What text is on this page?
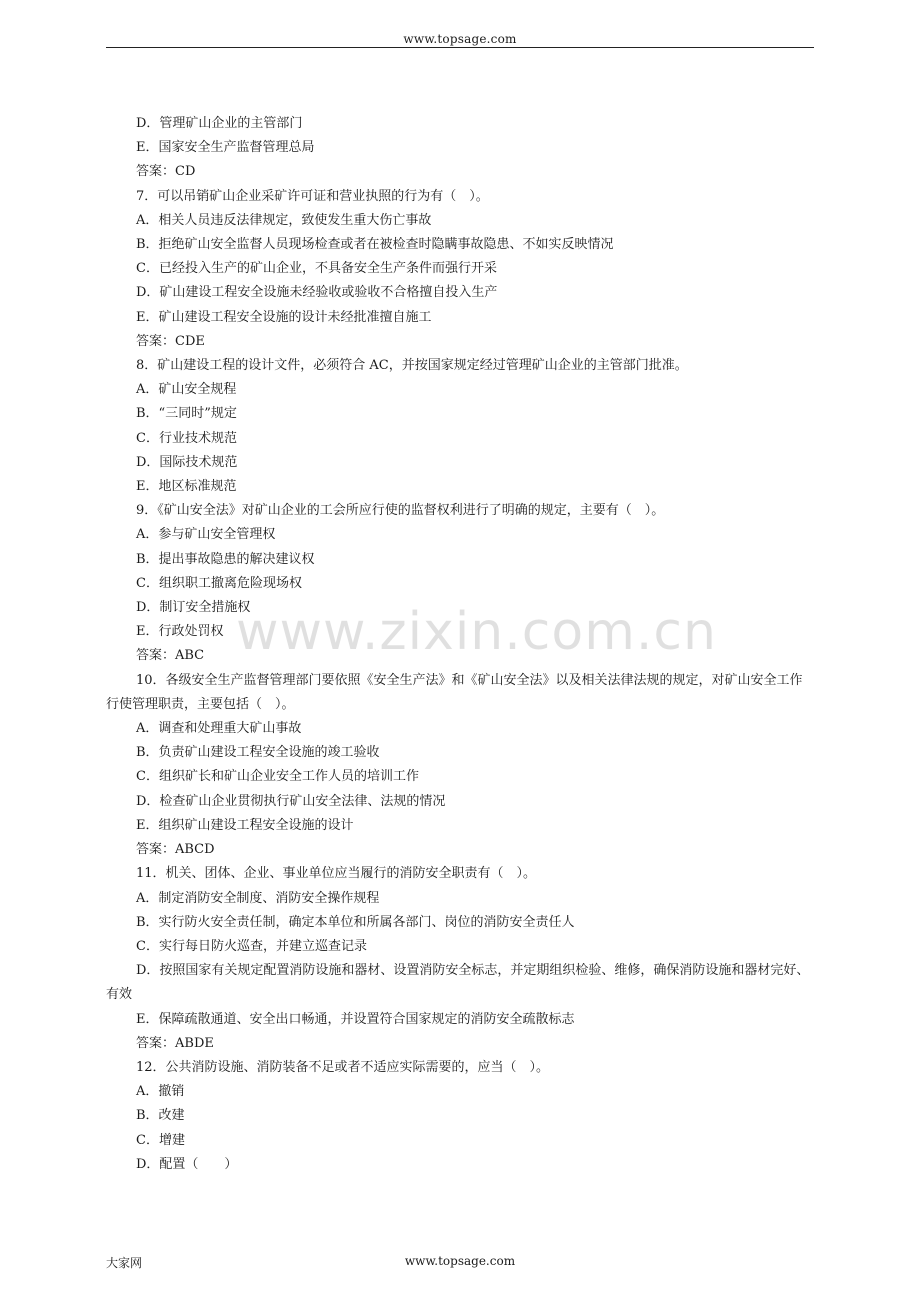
www.topsage.com
D．管理矿山企业的主管部门
E．国家安全生产监督管理总局
答案：CD
7．可以吊销矿山企业采矿许可证和营业执照的行为有（　）。
A．相关人员违反法律规定，致使发生重大伤亡事故
B．拒绝矿山安全监督人员现场检查或者在被检查时隐瞒事故隐患、不如实反映情况
C．已经投入生产的矿山企业，不具备安全生产条件而强行开采
D．矿山建设工程安全设施未经验收或验收不合格擅自投入生产
E．矿山建设工程安全设施的设计未经批准擅自施工
答案：CDE
8．矿山建设工程的设计文件，必须符合 AC，并按国家规定经过管理矿山企业的主管部门批准。
A．矿山安全规程
B．“三同时”规定
C．行业技术规范
D．国际技术规范
E．地区标准规范
9．《矿山安全法》对矿山企业的工会所应行使的监督权利进行了明确的规定，主要有（　）。
A．参与矿山安全管理权
B．提出事故隐患的解决建议权
C．组织职工撤离危险现场权
D．制订安全措施权
E．行政处罚权
答案：ABC
10．各级安全生产监督管理部门要依照《安全生产法》和《矿山安全法》以及相关法律法规的规定，对矿山安全工作行使管理职责，主要包括（　）。
A．调查和处理重大矿山事故
B．负责矿山建设工程安全设施的竣工验收
C．组织矿长和矿山企业安全工作人员的培训工作
D．检查矿山企业贯彻执行矿山安全法律、法规的情况
E．组织矿山建设工程安全设施的设计
答案：ABCD
11．机关、团体、企业、事业单位应当履行的消防安全职责有（　）。
A．制定消防安全制度、消防安全操作规程
B．实行防火安全责任制，确定本单位和所属各部门、岗位的消防安全责任人
C．实行每日防火巡查，并建立巡查记录
D．按照国家有关规定配置消防设施和器材、设置消防安全标志，并定期组织检验、维修，确保消防设施和器材完好、有效
E．保障疏散通道、安全出口畅通，并设置符合国家规定的消防安全疏散标志
答案：ABDE
12．公共消防设施、消防装备不足或者不适应实际需要的，应当（　）。
A．撤销
B．改建
C．增建
D．配置（　　）
www.zixin.com.cn
大家网	www.topsage.com
